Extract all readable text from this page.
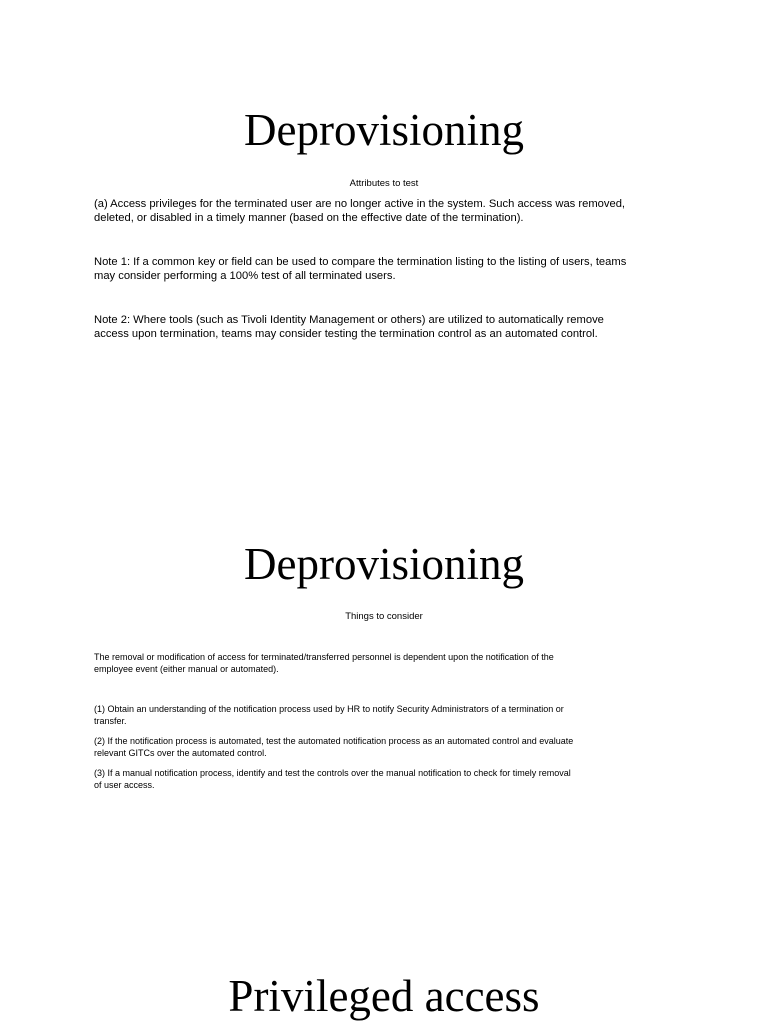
Deprovisioning
Attributes to test

(a) Access privileges for the terminated user are no longer active in the system. Such access was removed,
deleted, or disabled in a timely manner (based on the effective date of the termination).

Note 1: If a common key or field can be used to compare the termination listing to the listing of users, teams
may consider performing a 100% test of all terminated users.

Note 2: Where tools (such as Tivoli Identity Management or others) are utilized to automatically remove
access upon termination, teams may consider testing the termination control as an automated control.

Deprovisioning
Things to consider

The removal or modification of access for terminated/transferred personnel is dependent upon the notification of the
employee event (either manual or automated).

(1) Obtain an understanding of the notification process used by HR to notify Security Administrators of a termination or
transfer.

(2) If the notification process is automated, test the automated notification process as an automated control and evaluate
relevant GITCs over the automated control.

(3) If a manual notification process, identify and test the controls over the manual notification to check for timely removal
of user access.

Privileged access
